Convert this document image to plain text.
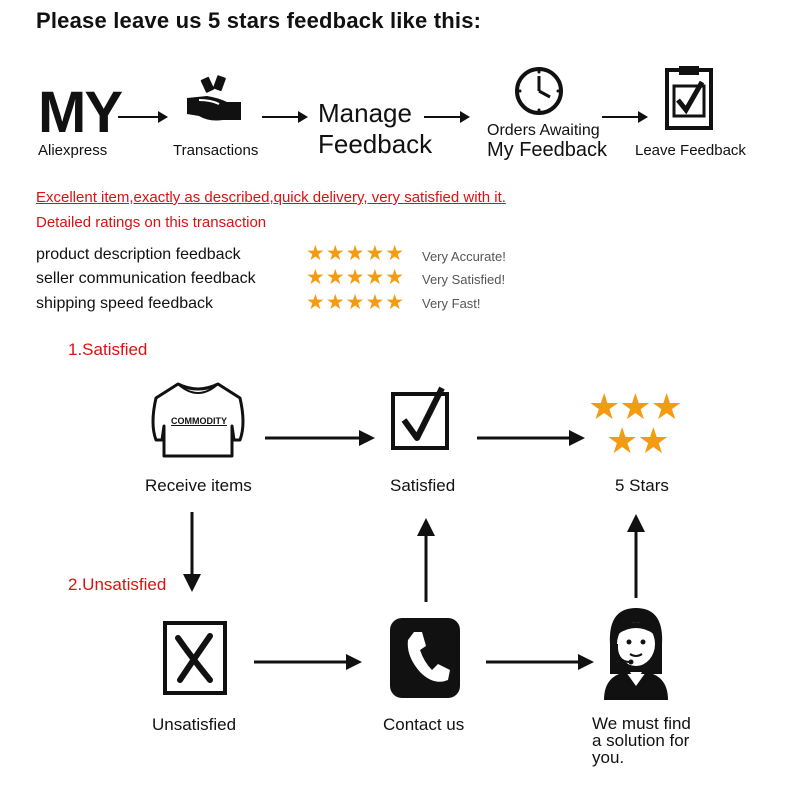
Please leave us 5 stars feedback like this:
MY
Aliexpress	Transactions
Manage
Feedback	Orders Awaiting
My Feedback Leave Feedback
Excellent item,exactly as described,quick delivery, very satisfied with it.
Detailed ratings on this transaction
product description feedback	★★★★★ Very Accurate!
seller communication feedback ★★★★★ Very Satisfied!
shipping speed feedback	★★★★★ Very Fast!
1.Satisfied
COMMODITY
Receive items	Satisfied
★★★
★★
5 Stars
2.Unsatisfied
Unsatisfied	Contact us	We must find
a solution for
you.
